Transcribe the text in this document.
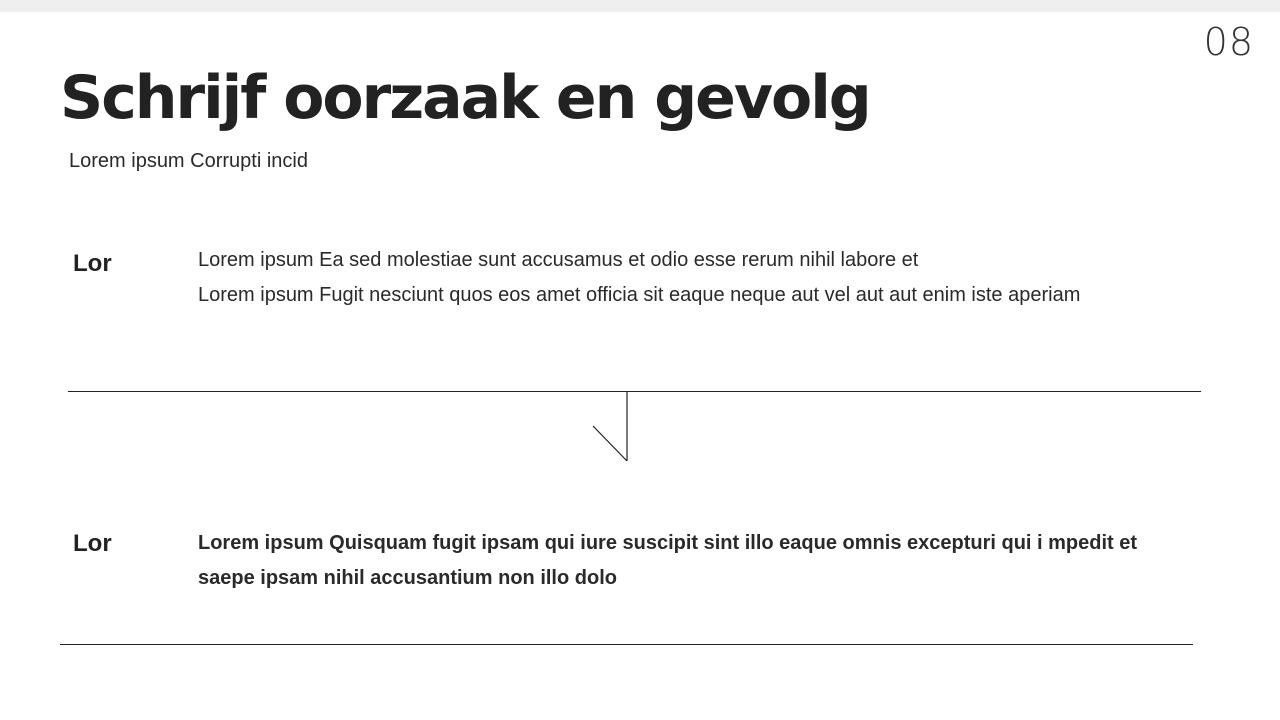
08
Schrijf oorzaak en gevolg
Lorem ipsum Corrupti incid
Lor	Lorem ipsum Ea sed molestiae sunt accusamus et odio esse rerum nihil labore et
Lorem ipsum Fugit nesciunt quos eos amet officia sit eaque neque aut vel aut aut enim iste aperiam
Lor	Lorem ipsum Quisquam fugit ipsam qui iure suscipit sint illo eaque omnis excepturi qui i mpedit et saepe ipsam nihil accusantium non illo dolo
